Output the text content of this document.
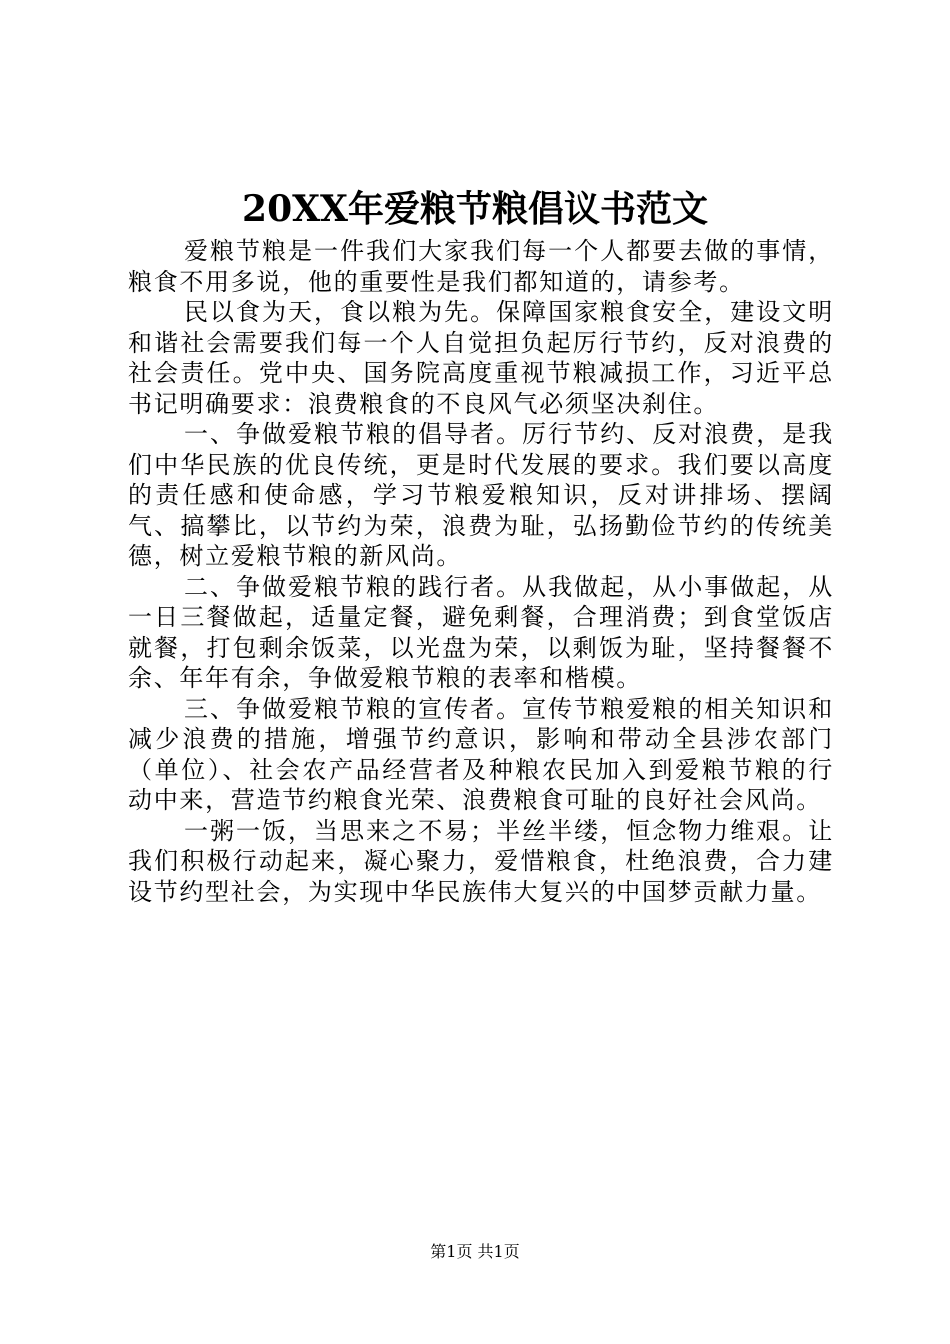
20XX年爱粮节粮倡议书范文

爱粮节粮是一件我们大家我们每一个人都要去做的事情，粮食不用多说，他的重要性是我们都知道的，请参考。

民以食为天，食以粮为先。保障国家粮食安全，建设文明和谐社会需要我们每一个人自觉担负起厉行节约，反对浪费的社会责任。党中央、国务院高度重视节粮减损工作，习近平总书记明确要求：浪费粮食的不良风气必须坚决刹住。

一、争做爱粮节粮的倡导者。厉行节约、反对浪费，是我们中华民族的优良传统，更是时代发展的要求。我们要以高度的责任感和使命感，学习节粮爱粮知识，反对讲排场、摆阔气、搞攀比，以节约为荣，浪费为耻，弘扬勤俭节约的传统美德，树立爱粮节粮的新风尚。

二、争做爱粮节粮的践行者。从我做起，从小事做起，从一日三餐做起，适量定餐，避免剩餐，合理消费；到食堂饭店就餐，打包剩余饭菜，以光盘为荣，以剩饭为耻，坚持餐餐不余、年年有余，争做爱粮节粮的表率和楷模。

三、争做爱粮节粮的宣传者。宣传节粮爱粮的相关知识和减少浪费的措施，增强节约意识，影响和带动全县涉农部门（单位）、社会农产品经营者及种粮农民加入到爱粮节粮的行动中来，营造节约粮食光荣、浪费粮食可耻的良好社会风尚。

一粥一饭，当思来之不易；半丝半缕，恒念物力维艰。让我们积极行动起来，凝心聚力，爱惜粮食，杜绝浪费，合力建设节约型社会，为实现中华民族伟大复兴的中国梦贡献力量。

第1页 共1页
